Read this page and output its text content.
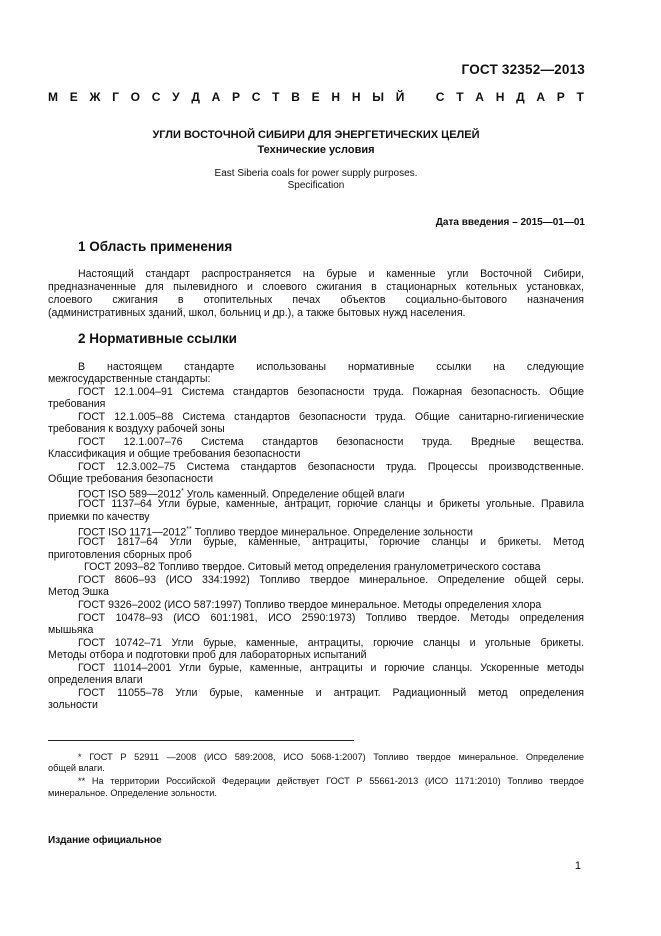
ГОСТ 32352—2013
М Е Ж Г О С У Д А Р С Т В Е Н Н Ы Й	С Т А Н Д А Р Т
УГЛИ ВОСТОЧНОЙ СИБИРИ ДЛЯ ЭНЕРГЕТИЧЕСКИХ ЦЕЛЕЙ
Технические условия
East Siberia coals for power supply purposes.
Specification
Дата введения – 2015—01—01
1 Область применения
Настоящий стандарт распространяется на бурые и каменные угли Восточной Сибири,
предназначенные для пылевидного и слоевого сжигания в стационарных котельных установках,
слоевого сжигания в отопительных печах объектов социально-бытового назначения
(административных зданий, школ, больниц и др.), а также бытовых нужд населения.
2 Нормативные ссылки
В настоящем стандарте использованы нормативные ссылки на следующие
межгосударственные стандарты:
ГОСТ 12.1.004–91 Система стандартов безопасности труда. Пожарная безопасность. Общие
требования
ГОСТ 12.1.005–88 Система стандартов безопасности труда. Общие санитарно-гигиенические
требования к воздуху рабочей зоны
ГОСТ 12.1.007–76 Система стандартов безопасности труда. Вредные вещества.
Классификация и общие требования безопасности
ГОСТ 12.3.002–75 Система стандартов безопасности труда. Процессы производственные.
Общие требования безопасности
ГОСТ ISO 589—2012* Уголь каменный. Определение общей влаги
ГОСТ 1137–64 Угли бурые, каменные, антрацит, горючие сланцы и брикеты угольные. Правила
приемки по качеству
ГОСТ ISO 1171—2012** Топливо твердое минеральное. Определение зольности
ГОСТ 1817–64 Угли бурые, каменные, антрациты, горючие сланцы и брикеты. Метод
приготовления сборных проб
ГОСТ 2093–82 Топливо твердое. Ситовый метод определения гранулометрического состава
ГОСТ 8606–93 (ИСО 334:1992) Топливо твердое минеральное. Определение общей серы.
Метод Эшка
ГОСТ 9326–2002 (ИСО 587:1997) Топливо твердое минеральное. Методы определения хлора
ГОСТ 10478–93 (ИСО 601:1981, ИСО 2590:1973) Топливо твердое. Методы определения
мышьяка
ГОСТ 10742–71 Угли бурые, каменные, антрациты, горючие сланцы и угольные брикеты.
Методы отбора и подготовки проб для лабораторных испытаний
ГОСТ 11014–2001 Угли бурые, каменные, антрациты и горючие сланцы. Ускоренные методы
определения влаги
ГОСТ 11055–78 Угли бурые, каменные и антрацит. Радиационный метод определения
зольности
* ГОСТ Р 52911 —2008 (ИСО 589:2008, ИСО 5068-1:2007) Топливо твердое минеральное. Определение
общей влаги.
** На территории Российской Федерации действует ГОСТ Р 55661-2013 (ИСО 1171:2010) Топливо твердое
минеральное. Определение зольности.
Издание официальное
1
